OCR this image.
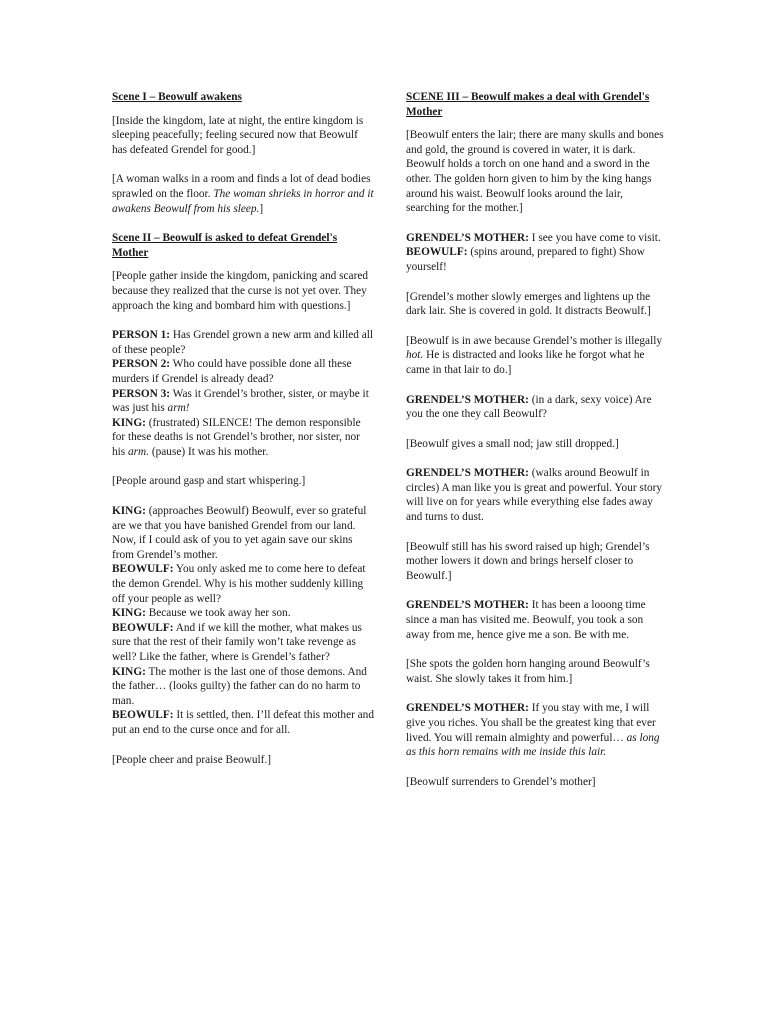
Scene I – Beowulf awakens

[Inside the kingdom, late at night, the entire kingdom is sleeping peacefully; feeling secured now that Beowulf has defeated Grendel for good.]

[A woman walks in a room and finds a lot of dead bodies sprawled on the floor. The woman shrieks in horror and it awakens Beowulf from his sleep.]

Scene II – Beowulf is asked to defeat Grendel's Mother

[People gather inside the kingdom, panicking and scared because they realized that the curse is not yet over. They approach the king and bombard him with questions.]

PERSON 1: Has Grendel grown a new arm and killed all of these people?
PERSON 2: Who could have possible done all these murders if Grendel is already dead?
PERSON 3: Was it Grendel’s brother, sister, or maybe it was just his arm!
KING: (frustrated) SILENCE! The demon responsible for these deaths is not Grendel’s brother, nor sister, nor his arm. (pause) It was his mother.

[People around gasp and start whispering.]

KING: (approaches Beowulf) Beowulf, ever so grateful are we that you have banished Grendel from our land. Now, if I could ask of you to yet again save our skins from Grendel’s mother.
BEOWULF: You only asked me to come here to defeat the demon Grendel. Why is his mother suddenly killing off your people as well?
KING: Because we took away her son.
BEOWULF: And if we kill the mother, what makes us sure that the rest of their family won’t take revenge as well? Like the father, where is Grendel’s father?
KING: The mother is the last one of those demons. And the father… (looks guilty) the father can do no harm to man.
BEOWULF: It is settled, then. I’ll defeat this mother and put an end to the curse once and for all.

[People cheer and praise Beowulf.]

SCENE III – Beowulf makes a deal with Grendel's Mother

[Beowulf enters the lair; there are many skulls and bones and gold, the ground is covered in water, it is dark. Beowulf holds a torch on one hand and a sword in the other. The golden horn given to him by the king hangs around his waist. Beowulf looks around the lair, searching for the mother.]

GRENDEL’S MOTHER: I see you have come to visit.
BEOWULF: (spins around, prepared to fight) Show yourself!

[Grendel’s mother slowly emerges and lightens up the dark lair. She is covered in gold. It distracts Beowulf.]

[Beowulf is in awe because Grendel’s mother is illegally hot. He is distracted and looks like he forgot what he came in that lair to do.]

GRENDEL’S MOTHER: (in a dark, sexy voice) Are you the one they call Beowulf?

[Beowulf gives a small nod; jaw still dropped.]

GRENDEL’S MOTHER: (walks around Beowulf in circles) A man like you is great and powerful. Your story will live on for years while everything else fades away and turns to dust.

[Beowulf still has his sword raised up high; Grendel’s mother lowers it down and brings herself closer to Beowulf.]

GRENDEL’S MOTHER: It has been a looong time since a man has visited me. Beowulf, you took a son away from me, hence give me a son. Be with me.

[She spots the golden horn hanging around Beowulf’s waist. She slowly takes it from him.]

GRENDEL’S MOTHER: If you stay with me, I will give you riches. You shall be the greatest king that ever lived. You will remain almighty and powerful… as long as this horn remains with me inside this lair.

[Beowulf surrenders to Grendel’s mother]
